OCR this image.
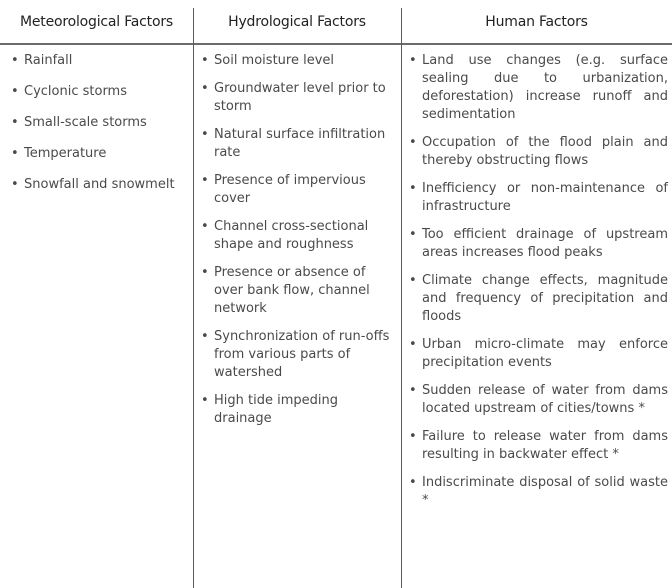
Meteorological Factors	Hydrological Factors	Human Factors
• Rainfall
• Cyclonic storms
• Small-scale storms
• Temperature
• Snowfall and snowmelt
• Soil moisture level
• Groundwater level prior to storm
• Natural surface infiltration rate
• Presence of impervious cover
• Channel cross-sectional shape and roughness
• Presence or absence of over bank flow, channel network
• Synchronization of run-offs from various parts of watershed
• High tide impeding drainage
• Land use changes (e.g. surface sealing due to urbanization, deforestation) increase runoff and sedimentation
• Occupation of the flood plain and thereby obstructing flows
• Inefficiency or non-maintenance of infrastructure
• Too efficient drainage of upstream areas increases flood peaks
• Climate change effects, magnitude and frequency of precipitation and floods
• Urban micro-climate may enforce precipitation events
• Sudden release of water from dams located upstream of cities/towns *
• Failure to release water from dams resulting in backwater effect *
• Indiscriminate disposal of solid waste *
